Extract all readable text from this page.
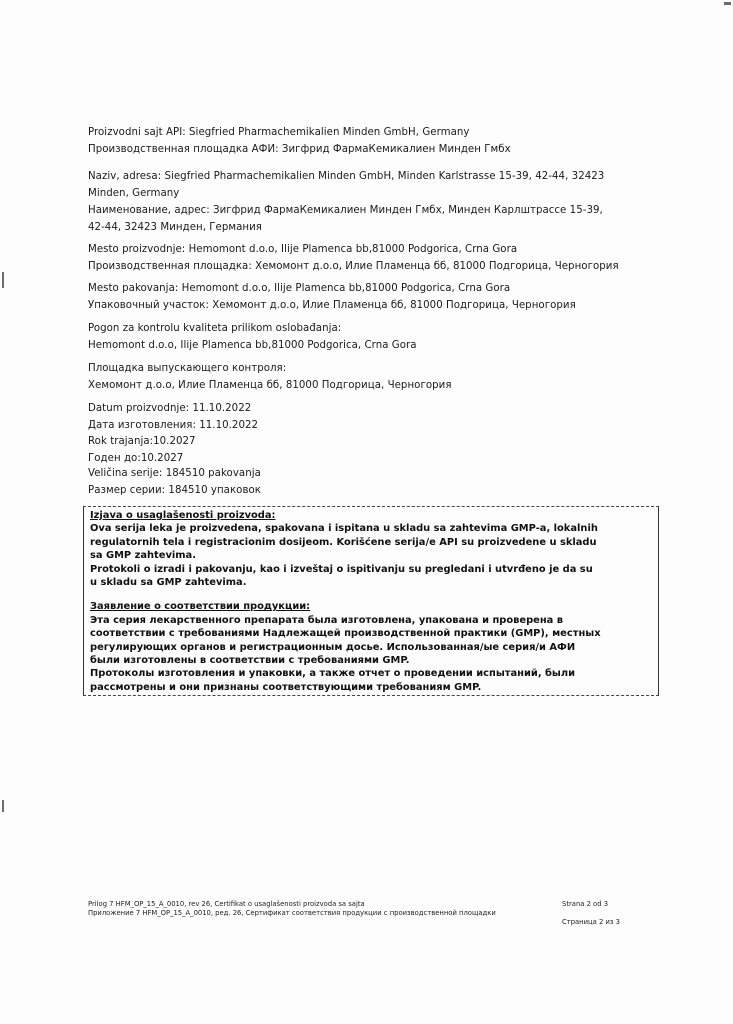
Proizvodni sajt API: Siegfried Pharmachemikalien Minden GmbH, Germany
Производственная площадка АФИ: Зигфрид ФармаКемикалиен Минден Гмбх
Naziv, adresa: Siegfried Pharmachemikalien Minden GmbH, Minden Karlstrasse 15-39, 42-44, 32423
Minden, Germany
Наименование, адрес: Зигфрид ФармаКемикалиен Минден Гмбх, Минден Карлштрассе 15-39,
42-44, 32423 Минден, Германия
Mesto proizvodnje: Hemomont d.o.o, Ilije Plamenca bb,81000 Podgorica, Crna Gora
Производственная площадка: Хемомонт д.о.о, Илие Пламенца бб, 81000 Подгорица, Черногория
Mesto pakovanja: Hemomont d.o.o, Ilije Plamenca bb,81000 Podgorica, Crna Gora
Упаковочный участок: Хемомонт д.о.о, Илие Пламенца бб, 81000 Подгорица, Черногория
Pogon za kontrolu kvaliteta prilikom oslobađanja:
Hemomont d.o.o, Ilije Plamenca bb,81000 Podgorica, Crna Gora
Площадка выпускающего контроля:
Хемомонт д.о.о, Илие Пламенца бб, 81000 Подгорица, Черногория
Datum proizvodnje: 11.10.2022
Дата изготовления: 11.10.2022
Rok trajanja:10.2027
Годен до:10.2027
Veličina serije: 184510 pakovanja
Размер серии: 184510 упаковок
Izjava o usaglašenosti proizvoda:
Ova serija leka je proizvedena, spakovana i ispitana u skladu sa zahtevima GMP-a, lokalnih
regulatornih tela i registracionim dosijeom. Korišćene serija/e API su proizvedene u skladu
sa GMP zahtevima.
Protokoli o izradi i pakovanju, kao i izveštaj o ispitivanju su pregledani i utvrđeno je da su
u skladu sa GMP zahtevima.
Заявление о соответствии продукции:
Эта серия лекарственного препарата была изготовлена, упакована и проверена в
соответствии с требованиями Надлежащей производственной практики (GMP), местных
регулирующих органов и регистрационным досье. Использованная/ые серия/и АФИ
были изготовлены в соответствии с требованиями GMP.
Протоколы изготовления и упаковки, а также отчет о проведении испытаний, были
рассмотрены и они признаны соответствующими требованиям GMP.
Prilog 7 HFM_OP_15_A_0010, rev 26, Certifikat o usaglašenosti proizvoda sa sajta	Strana 2 od 3
Приложение 7 HFM_OP_15_A_0010, ред. 26, Сертификат соответствия продукции с производственной площадки
Страница 2 из 3
